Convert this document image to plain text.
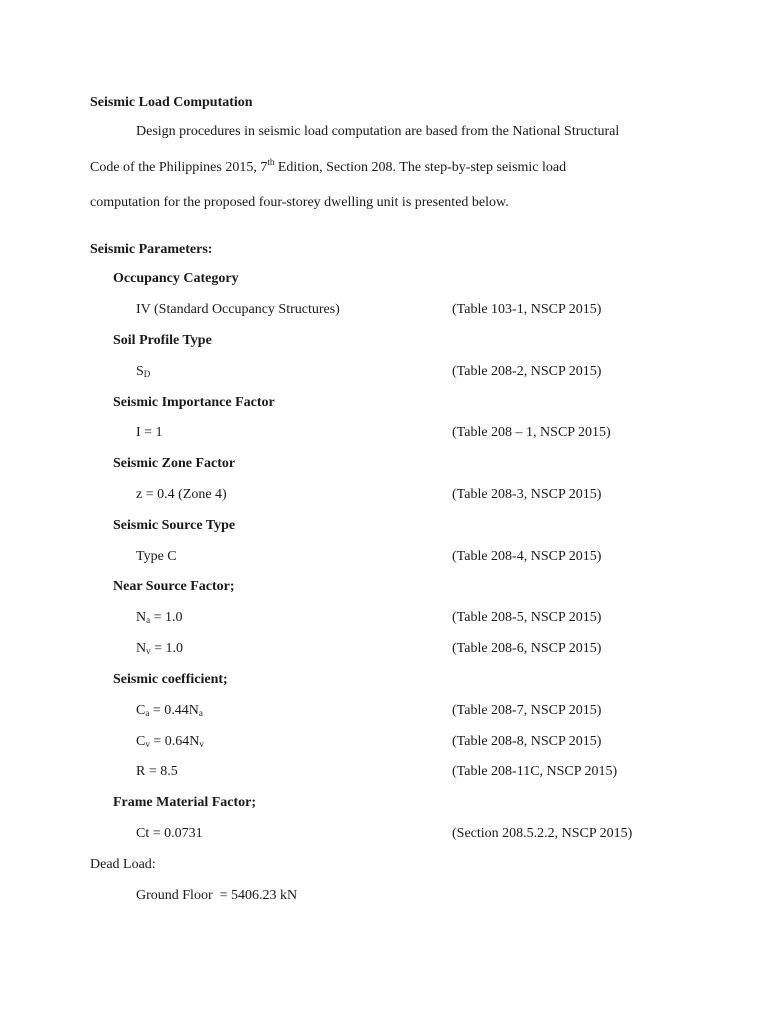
Seismic Load Computation
Design procedures in seismic load computation are based from the National Structural
Code of the Philippines 2015, 7th Edition, Section 208. The step-by-step seismic load
computation for the proposed four-storey dwelling unit is presented below.
Seismic Parameters:
Occupancy Category
IV (Standard Occupancy Structures)	(Table 103-1, NSCP 2015)
Soil Profile Type
$S_D$	(Table 208-2, NSCP 2015)
Seismic Importance Factor
I = 1	(Table 208 – 1, NSCP 2015)
Seismic Zone Factor
z = 0.4 (Zone 4)	(Table 208-3, NSCP 2015)
Seismic Source Type
Type C	(Table 208-4, NSCP 2015)
Near Source Factor;
$N_a = 1.0$	(Table 208-5, NSCP 2015)
$N_v = 1.0$	(Table 208-6, NSCP 2015)
Seismic coefficient;
$C_a = 0.44N_a$	(Table 208-7, NSCP 2015)
$C_v = 0.64N_v$	(Table 208-8, NSCP 2015)
R = 8.5	(Table 208-11C, NSCP 2015)
Frame Material Factor;
Ct = 0.0731	(Section 208.5.2.2, NSCP 2015)
Dead Load:
Ground Floor  = 5406.23 kN
